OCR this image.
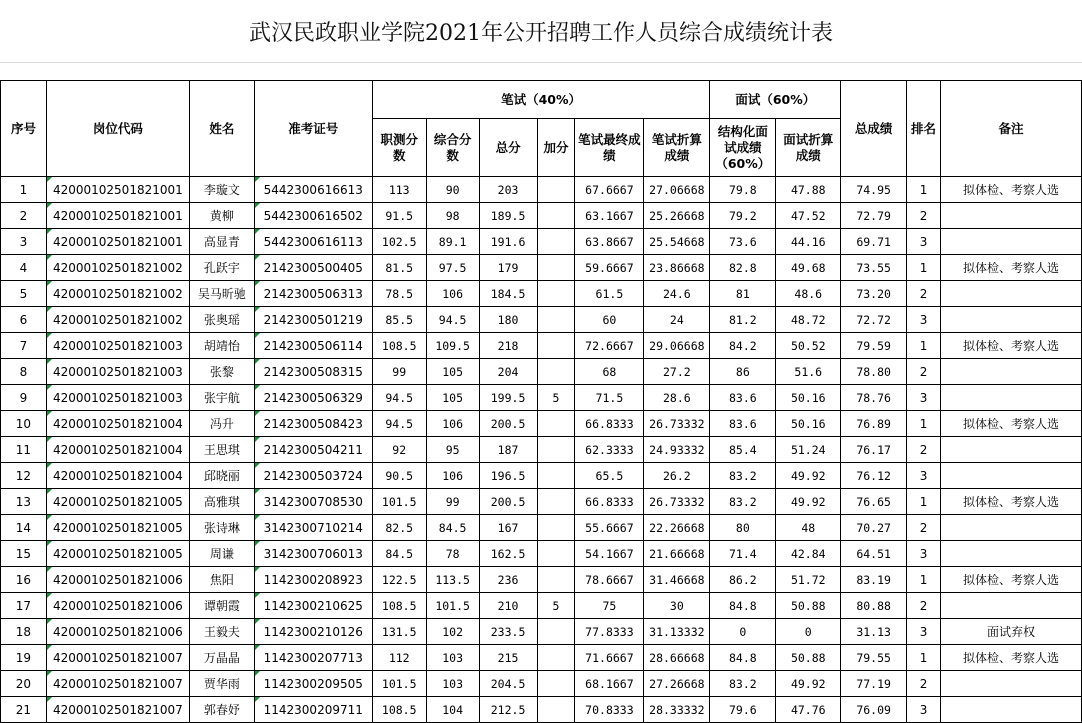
武汉民政职业学院2021年公开招聘工作人员综合成绩统计表
序号	岗位代码	姓名	准考证号	笔试（40%）						面试（60%）		总成绩	排名	备注
				职测分数	综合分数	总分	加分	笔试最终成绩	笔试折算成绩	结构化面试成绩（60%）	面试折算成绩			
1	42000102501821001	李璇文	5442300616613	113	90	203		67.6667	27.06668	79.8	47.88	74.95	1	拟体检、考察人选
2	42000102501821001	黄柳	5442300616502	91.5	98	189.5		63.1667	25.26668	79.2	47.52	72.79	2	
3	42000102501821001	高显青	5442300616113	102.5	89.1	191.6		63.8667	25.54668	73.6	44.16	69.71	3	
4	42000102501821002	孔跃宇	2142300500405	81.5	97.5	179		59.6667	23.86668	82.8	49.68	73.55	1	拟体检、考察人选
5	42000102501821002	吴马昕驰	2142300506313	78.5	106	184.5		61.5	24.6	81	48.6	73.20	2	
6	42000102501821002	张奥瑶	2142300501219	85.5	94.5	180		60	24	81.2	48.72	72.72	3	
7	42000102501821003	胡靖怡	2142300506114	108.5	109.5	218		72.6667	29.06668	84.2	50.52	79.59	1	拟体检、考察人选
8	42000102501821003	张黎	2142300508315	99	105	204		68	27.2	86	51.6	78.80	2	
9	42000102501821003	张宇航	2142300506329	94.5	105	199.5	5	71.5	28.6	83.6	50.16	78.76	3	
10	42000102501821004	冯升	2142300508423	94.5	106	200.5		66.8333	26.73332	83.6	50.16	76.89	1	拟体检、考察人选
11	42000102501821004	王思琪	2142300504211	92	95	187		62.3333	24.93332	85.4	51.24	76.17	2	
12	42000102501821004	邱晓丽	2142300503724	90.5	106	196.5		65.5	26.2	83.2	49.92	76.12	3	
13	42000102501821005	高雅琪	3142300708530	101.5	99	200.5		66.8333	26.73332	83.2	49.92	76.65	1	拟体检、考察人选
14	42000102501821005	张诗琳	3142300710214	82.5	84.5	167		55.6667	22.26668	80	48	70.27	2	
15	42000102501821005	周谦	3142300706013	84.5	78	162.5		54.1667	21.66668	71.4	42.84	64.51	3	
16	42000102501821006	焦阳	1142300208923	122.5	113.5	236		78.6667	31.46668	86.2	51.72	83.19	1	拟体检、考察人选
17	42000102501821006	谭朝霞	1142300210625	108.5	101.5	210	5	75	30	84.8	50.88	80.88	2	
18	42000102501821006	王毅夫	1142300210126	131.5	102	233.5		77.8333	31.13332	0	0	31.13	3	面试弃权
19	42000102501821007	万晶晶	1142300207713	112	103	215		71.6667	28.66668	84.8	50.88	79.55	1	拟体检、考察人选
20	42000102501821007	贾华雨	1142300209505	101.5	103	204.5		68.1667	27.26668	83.2	49.92	77.19	2	
21	42000102501821007	郭春妤	1142300209711	108.5	104	212.5		70.8333	28.33332	79.6	47.76	76.09	3	
